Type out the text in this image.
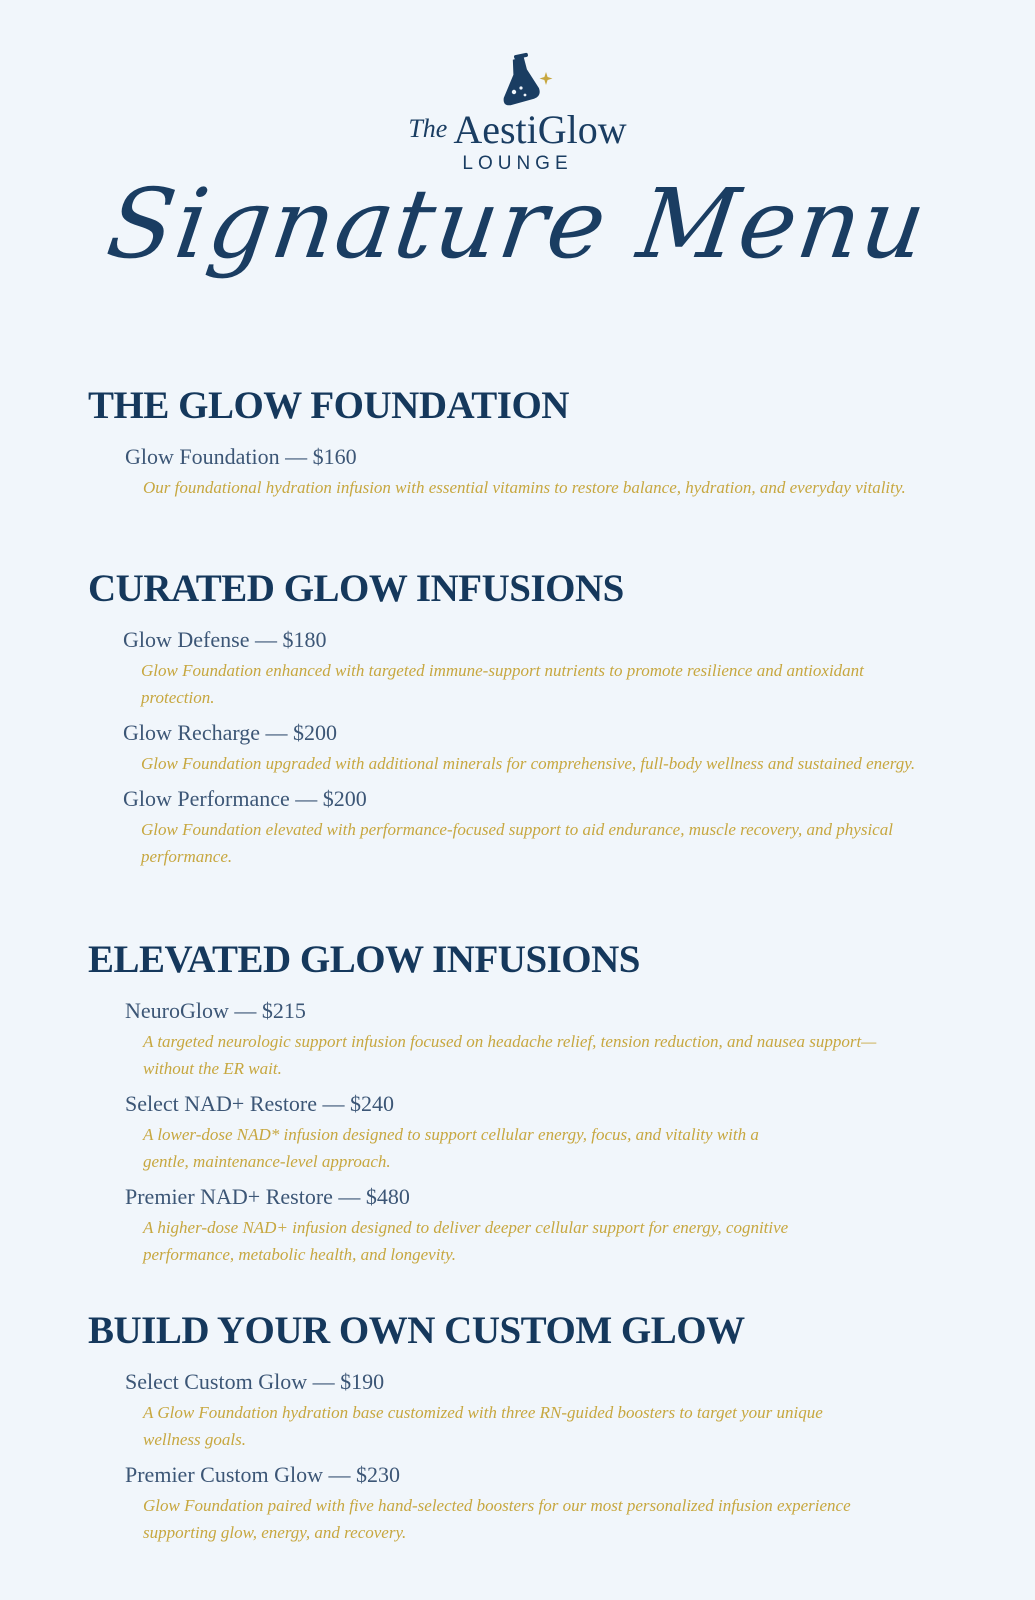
The AestiGlow
LOUNGE
Signature Menu
THE GLOW FOUNDATION
Glow Foundation — $160
Our foundational hydration infusion with essential vitamins to restore balance, hydration, and everyday vitality.
CURATED GLOW INFUSIONS
Glow Defense — $180
Glow Foundation enhanced with targeted immune-support nutrients to promote resilience and antioxidant protection.
Glow Recharge — $200
Glow Foundation upgraded with additional minerals for comprehensive, full-body wellness and sustained energy.
Glow Performance — $200
Glow Foundation elevated with performance-focused support to aid endurance, muscle recovery, and physical performance.
ELEVATED GLOW INFUSIONS
NeuroGlow — $215
A targeted neurologic support infusion focused on headache relief, tension reduction, and nausea support—without the ER wait.
Select NAD+ Restore — $240
A lower-dose NAD* infusion designed to support cellular energy, focus, and vitality with a gentle, maintenance-level approach.
Premier NAD+ Restore — $480
A higher-dose NAD+ infusion designed to deliver deeper cellular support for energy, cognitive performance, metabolic health, and longevity.
BUILD YOUR OWN CUSTOM GLOW
Select Custom Glow — $190
A Glow Foundation hydration base customized with three RN-guided boosters to target your unique wellness goals.
Premier Custom Glow — $230
Glow Foundation paired with five hand-selected boosters for our most personalized infusion experience supporting glow, energy, and recovery.
